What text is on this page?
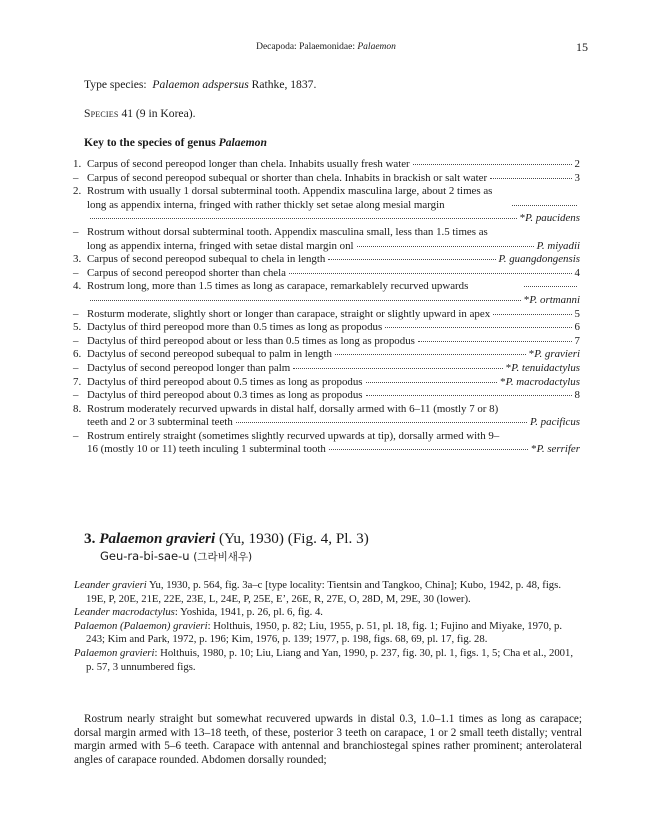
Decapoda: Palaemonidae: Palaemon	15
Type species: Palaemon adspersus Rathke, 1837.
Species 41 (9 in Korea).
Key to the species of genus Palaemon
1. Carpus of second pereopod longer than chela. Inhabits usually fresh water	2
– Carpus of second pereopod subequal or shorter than chela. Inhabits in brackish or salt water	3
2. Rostrum with usually 1 dorsal subterminal tooth. Appendix masculina large, about 2 times as
long as appendix interna, fringed with rather thickly set setae along mesial margin
*P. paucidens
– Rostrum without dorsal subterminal tooth. Appendix masculina small, less than 1.5 times as
long as appendix interna, fringed with setae distal margin onl	P. miyadii
3. Carpus of second pereopod subequal to chela in length	P. guangdongensis
– Carpus of second pereopod shorter than chela	4
4. Rostrum long, more than 1.5 times as long as carapace, remarkablely recurved upwards
*P. ortmanni
– Rosturm moderate, slightly short or longer than carapace, straight or slightly upward in apex	5
5. Dactylus of third pereopod more than 0.5 times as long as propodus	6
– Dactylus of third pereopod about or less than 0.5 times as long as propodus	7
6. Dactylus of second pereopod subequal to palm in length	*P. gravieri
– Dactylus of second pereopod longer than palm	*P. tenuidactylus
7. Dactylus of third pereopod about 0.5 times as long as propodus	*P. macrodactylus
– Dactylus of third pereopod about 0.3 times as long as propodus	8
8. Rostrum moderately recurved upwards in distal half, dorsally armed with 6–11 (mostly 7 or 8)
teeth and 2 or 3 subterminal teeth	P. pacificus
– Rostrum entirely straight (sometimes slightly recurved upwards at tip), dorsally armed with 9–
16 (mostly 10 or 11) teeth inculing 1 subterminal tooth	*P. serrifer
3. Palaemon gravieri (Yu, 1930) (Fig. 4, Pl. 3)
Geu-ra-bi-sae-u (그라비새우)

Leander gravieri Yu, 1930, p. 564, fig. 3a–c [type locality: Tientsin and Tangkoo, China]; Kubo, 1942, p. 48, figs. 19E, P, 20E, 21E, 22E, 23E, L, 24E, P, 25E, E’, 26E, R, 27E, O, 28D, M, 29E, 30 (lower).

Leander macrodactylus: Yoshida, 1941, p. 26, pl. 6, fig. 4.

Palaemon (Palaemon) gravieri: Holthuis, 1950, p. 82; Liu, 1955, p. 51, pl. 18, fig. 1; Fujino and Miyake, 1970, p. 243; Kim and Park, 1972, p. 196; Kim, 1976, p. 139; 1977, p. 198, figs. 68, 69, pl. 17, fig. 28.

Palaemon gravieri: Holthuis, 1980, p. 10; Liu, Liang and Yan, 1990, p. 237, fig. 30, pl. 1, figs. 1, 5; Cha et al., 2001, p. 57, 3 unnumbered figs.

Rostrum nearly straight but somewhat recuvered upwards in distal 0.3, 1.0–1.1 times as long as carapace; dorsal margin armed with 13–18 teeth, of these, posterior 3 teeth on carapace, 1 or 2 small teeth distally; ventral margin armed with 5–6 teeth. Carapace with antennal and branchiostegal spines rather prominent; anterolateral angles of carapace rounded. Abdomen dorsally rounded;
